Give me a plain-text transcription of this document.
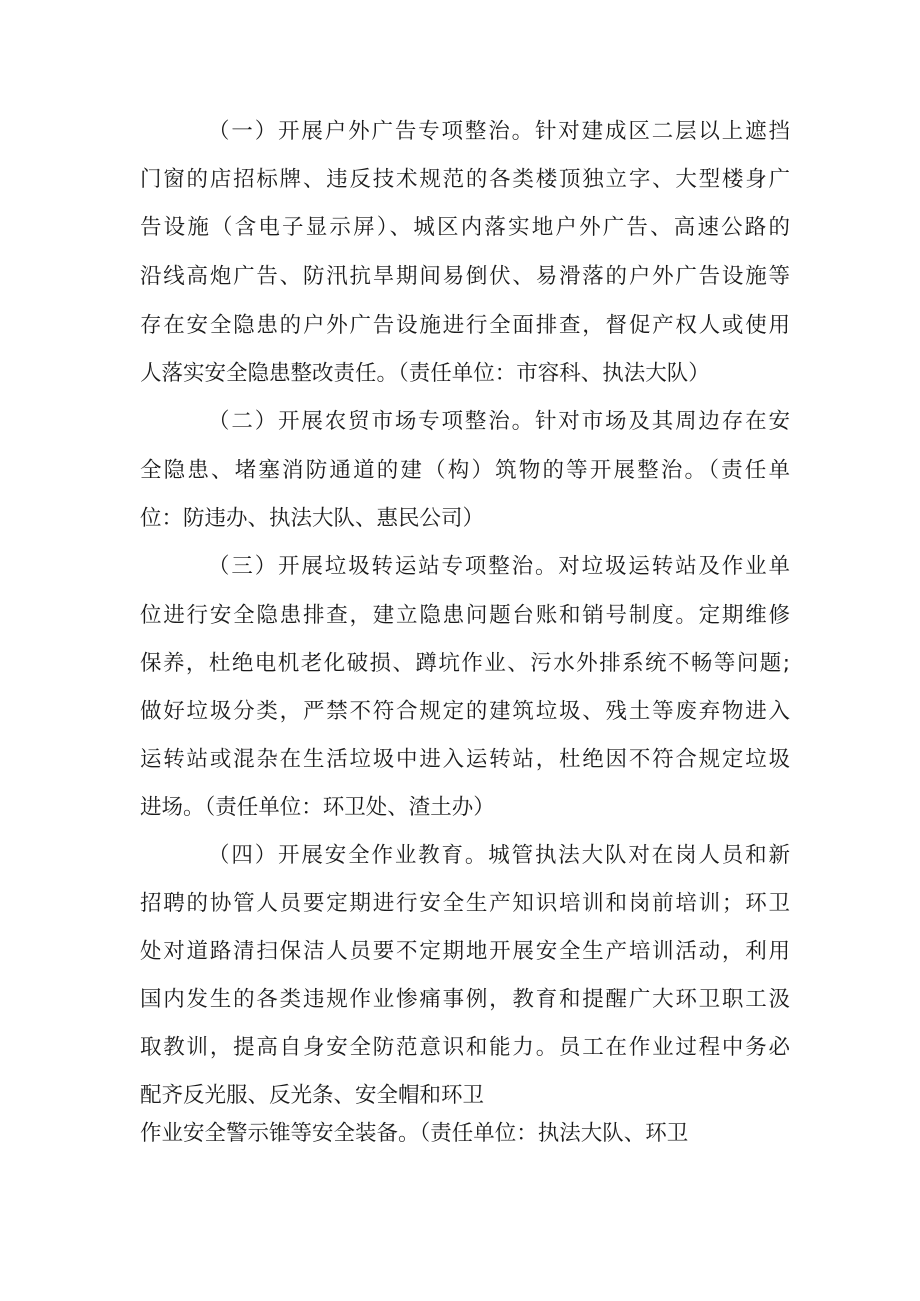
（一）开展户外广告专项整治。针对建成区二层以上遮挡
门窗的店招标牌、违反技术规范的各类楼顶独立字、大型楼身广
告设施（含电子显示屏）、城区内落实地户外广告、高速公路的
沿线高炮广告、防汛抗旱期间易倒伏、易滑落的户外广告设施等
存在安全隐患的户外广告设施进行全面排查，督促产权人或使用
人落实安全隐患整改责任。（责任单位：市容科、执法大队）
（二）开展农贸市场专项整治。针对市场及其周边存在安
全隐患、堵塞消防通道的建（构）筑物的等开展整治。（责任单
位：防违办、执法大队、惠民公司）
（三）开展垃圾转运站专项整治。对垃圾运转站及作业单
位进行安全隐患排查，建立隐患问题台账和销号制度。定期维修
保养，杜绝电机老化破损、蹲坑作业、污水外排系统不畅等问题;
做好垃圾分类，严禁不符合规定的建筑垃圾、残土等废弃物进入
运转站或混杂在生活垃圾中进入运转站，杜绝因不符合规定垃圾
进场。（责任单位：环卫处、渣土办）
（四）开展安全作业教育。城管执法大队对在岗人员和新
招聘的协管人员要定期进行安全生产知识培训和岗前培训；环卫
处对道路清扫保洁人员要不定期地开展安全生产培训活动，利用
国内发生的各类违规作业惨痛事例，教育和提醒广大环卫职工汲
取教训，提高自身安全防范意识和能力。员工在作业过程中务必
配齐反光服、反光条、安全帽和环卫
作业安全警示锥等安全装备。（责任单位：执法大队、环卫
